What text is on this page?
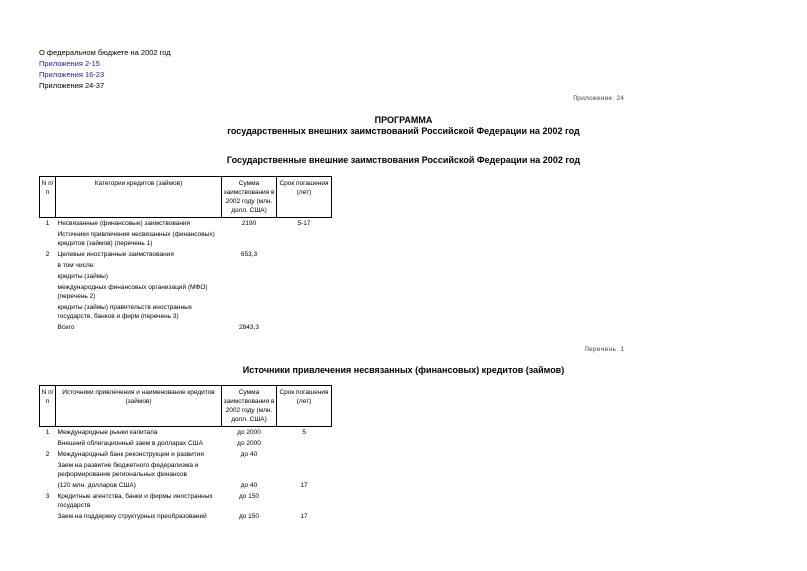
О федеральном бюджете на 2002 год
Приложения 2-15
Приложения 16-23
Приложения 24-37
Приложение 24
ПРОГРАММА
государственных внешних заимствований Российской Федерации на 2002 год
Государственные внешние заимствования Российской Федерации на 2002 год
N п/п	Категории кредитов (займов)	Сумма заимствования в 2002 году (млн. долл. США)	Срок погашения (лет)
1	Несвязанные (финансовые) заимствования	2190	5-17
	Источники привлечения несвязанных (финансовых) кредитов (займов) (перечень 1)		
2	Целевые иностранные заимствования	653,3	
	в том числе:		
	кредиты (займы)		
	международных финансовых организаций (МФО) (перечень 2)		
	кредиты (займы) правительств иностранных государств, банков и фирм (перечень 3)		
	Всего	2843,3	
Перечень 1
Источники привлечения несвязанных (финансовых) кредитов (займов)
N п/п	Источники привлечения и наименование кредитов (займов)	Сумма заимствования в 2002 году (млн. долл. США)	Срок погашения (лет)
1	Международные рынки капитала	до 2000	5
	Внешний облигационный заем в долларах США	до 2000	
2	Международный банк реконструкции и развития	до 40	
	Заем на развитие бюджетного федерализма и реформирование региональных финансов		
	(120 млн. долларов США)	до 40	17
3	Кредитные агентства, банки и фирмы иностранных государств	до 150	
	Заем на поддержку структурных преобразований	до 150	17
